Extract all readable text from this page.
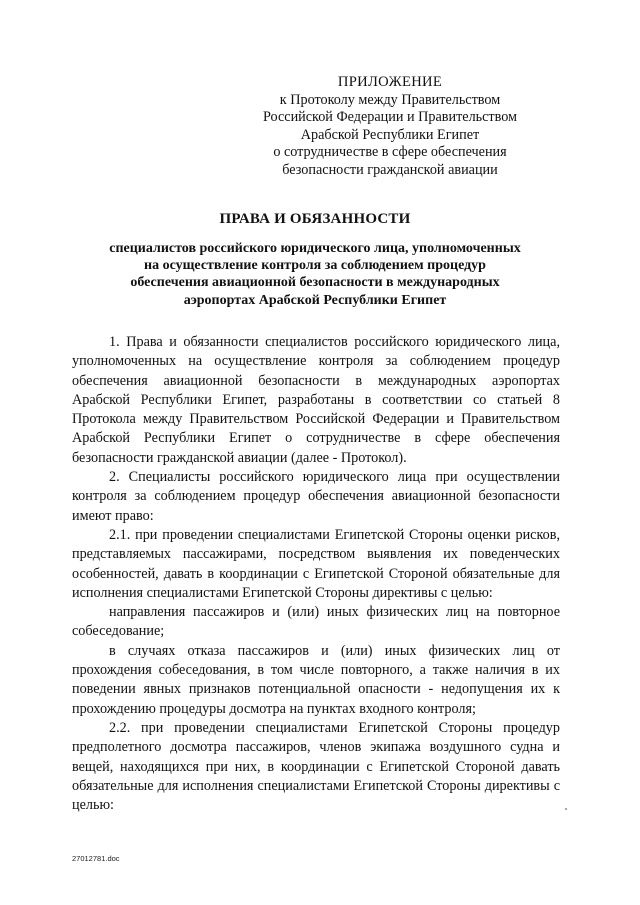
ПРИЛОЖЕНИЕ
к Протоколу между Правительством
Российской Федерации и Правительством
Арабской Республики Египет
о сотрудничестве в сфере обеспечения
безопасности гражданской авиации
ПРАВА И ОБЯЗАННОСТИ
специалистов российского юридического лица, уполномоченных
на осуществление контроля за соблюдением процедур
обеспечения авиационной безопасности в международных
аэропортах Арабской Республики Египет

1. Права и обязанности специалистов российского юридического лица, уполномоченных на осуществление контроля за соблюдением процедур обеспечения авиационной безопасности в международных аэропортах Арабской Республики Египет, разработаны в соответствии со статьей 8 Протокола между Правительством Российской Федерации и Правительством Арабской Республики Египет о сотрудничестве в сфере обеспечения безопасности гражданской авиации (далее - Протокол).

2. Специалисты российского юридического лица при осуществлении контроля за соблюдением процедур обеспечения авиационной безопасности имеют право:

2.1. при проведении специалистами Египетской Стороны оценки рисков, представляемых пассажирами, посредством выявления их поведенческих особенностей, давать в координации с Египетской Стороной обязательные для исполнения специалистами Египетской Стороны директивы с целью:

направления пассажиров и (или) иных физических лиц на повторное собеседование;

в случаях отказа пассажиров и (или) иных физических лиц от прохождения собеседования, в том числе повторного, а также наличия в их поведении явных признаков потенциальной опасности - недопущения их к прохождению процедуры досмотра на пунктах входного контроля;

2.2. при проведении специалистами Египетской Стороны процедур предполетного досмотра пассажиров, членов экипажа воздушного судна и вещей, находящихся при них, в координации с Египетской Стороной давать обязательные для исполнения специалистами Египетской Стороны директивы с целью:

27012781.doc
